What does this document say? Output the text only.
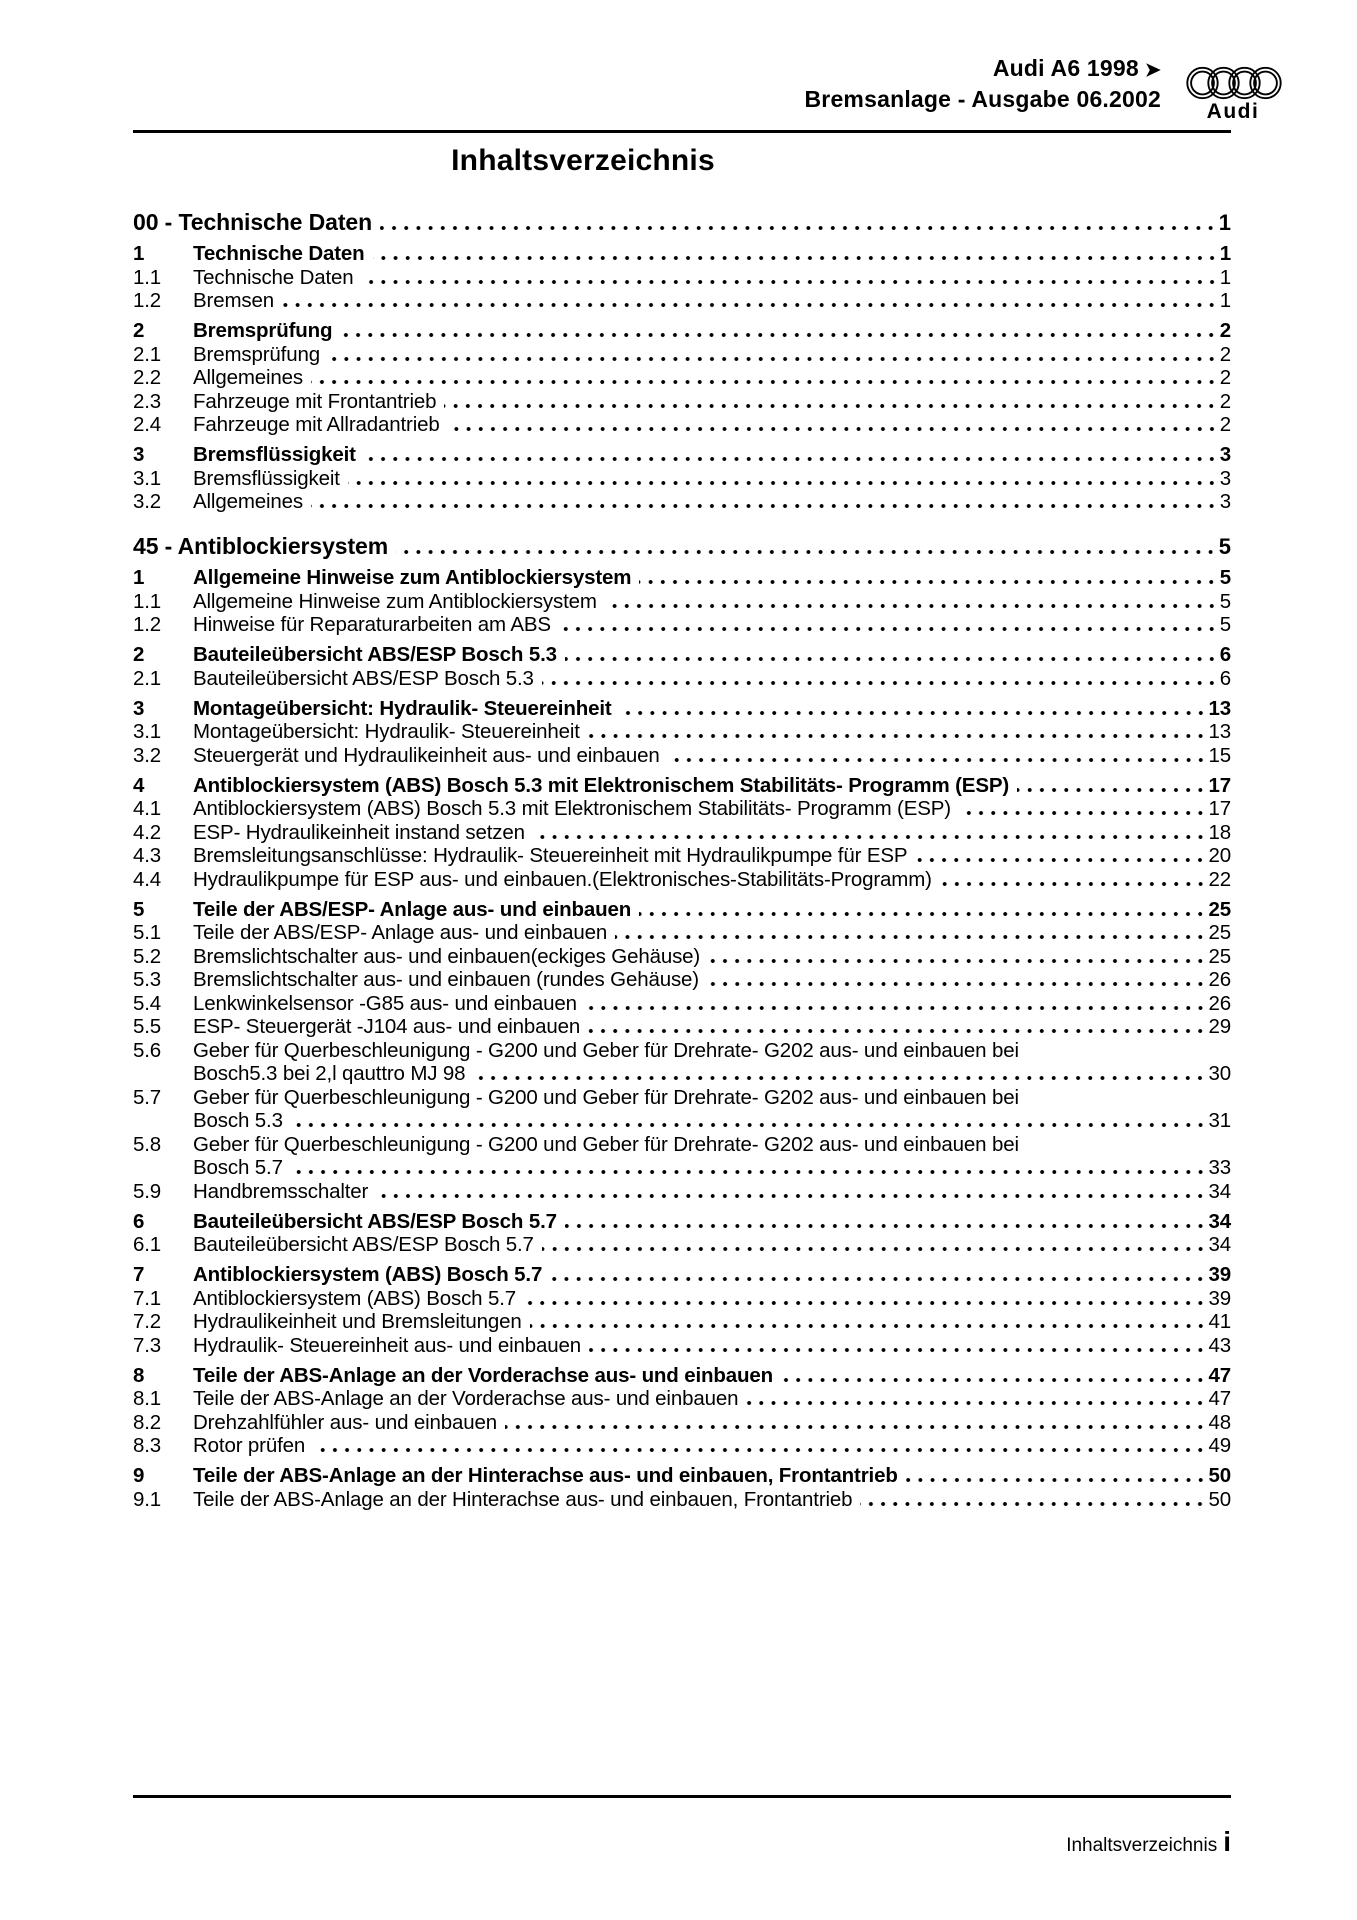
Audi A6 1998 ➤
Bremsanlage - Ausgabe 06.2002	Audi
Inhaltsverzeichnis
00 - Technische Daten	1
1	Technische Daten	1
1.1	Technische Daten	1
1.2	Bremsen	1
2	Bremsprüfung	2
2.1	Bremsprüfung	2
2.2	Allgemeines	2
2.3	Fahrzeuge mit Frontantrieb	2
2.4	Fahrzeuge mit Allradantrieb	2
3	Bremsflüssigkeit	3
3.1	Bremsflüssigkeit	3
3.2	Allgemeines	3
45 - Antiblockiersystem	5
1	Allgemeine Hinweise zum Antiblockiersystem	5
1.1	Allgemeine Hinweise zum Antiblockiersystem	5
1.2	Hinweise für Reparaturarbeiten am ABS	5
2	Bauteileübersicht ABS/ESP Bosch 5.3	6
2.1	Bauteileübersicht ABS/ESP Bosch 5.3	6
3	Montageübersicht: Hydraulik- Steuereinheit	13
3.1	Montageübersicht: Hydraulik- Steuereinheit	13
3.2	Steuergerät und Hydraulikeinheit aus- und einbauen	15
4	Antiblockiersystem (ABS) Bosch 5.3 mit Elektronischem Stabilitäts- Programm (ESP)	17
4.1	Antiblockiersystem (ABS) Bosch 5.3 mit Elektronischem Stabilitäts- Programm (ESP)	17
4.2	ESP- Hydraulikeinheit instand setzen	18
4.3	Bremsleitungsanschlüsse: Hydraulik- Steuereinheit mit Hydraulikpumpe für ESP	20
4.4	Hydraulikpumpe für ESP aus- und einbauen.(Elektronisches-Stabilitäts-Programm)	22
5	Teile der ABS/ESP- Anlage aus- und einbauen	25
5.1	Teile der ABS/ESP- Anlage aus- und einbauen	25
5.2	Bremslichtschalter aus- und einbauen(eckiges Gehäuse)	25
5.3	Bremslichtschalter aus- und einbauen (rundes Gehäuse)	26
5.4	Lenkwinkelsensor -G85 aus- und einbauen	26
5.5	ESP- Steuergerät -J104 aus- und einbauen	29
5.6	Geber für Querbeschleunigung - G200 und Geber für Drehrate- G202 aus- und einbauen bei
Bosch5.3 bei 2,l qauttro MJ 98	30
5.7	Geber für Querbeschleunigung - G200 und Geber für Drehrate- G202 aus- und einbauen bei
Bosch 5.3	31
5.8	Geber für Querbeschleunigung - G200 und Geber für Drehrate- G202 aus- und einbauen bei
Bosch 5.7	33
5.9	Handbremsschalter	34
6	Bauteileübersicht ABS/ESP Bosch 5.7	34
6.1	Bauteileübersicht ABS/ESP Bosch 5.7	34
7	Antiblockiersystem (ABS) Bosch 5.7	39
7.1	Antiblockiersystem (ABS) Bosch 5.7	39
7.2	Hydraulikeinheit und Bremsleitungen	41
7.3	Hydraulik- Steuereinheit aus- und einbauen	43
8	Teile der ABS-Anlage an der Vorderachse aus- und einbauen	47
8.1	Teile der ABS-Anlage an der Vorderachse aus- und einbauen	47
8.2	Drehzahlfühler aus- und einbauen	48
8.3	Rotor prüfen	49
9	Teile der ABS-Anlage an der Hinterachse aus- und einbauen, Frontantrieb	50
9.1	Teile der ABS-Anlage an der Hinterachse aus- und einbauen, Frontantrieb	50
Inhaltsverzeichnis i
